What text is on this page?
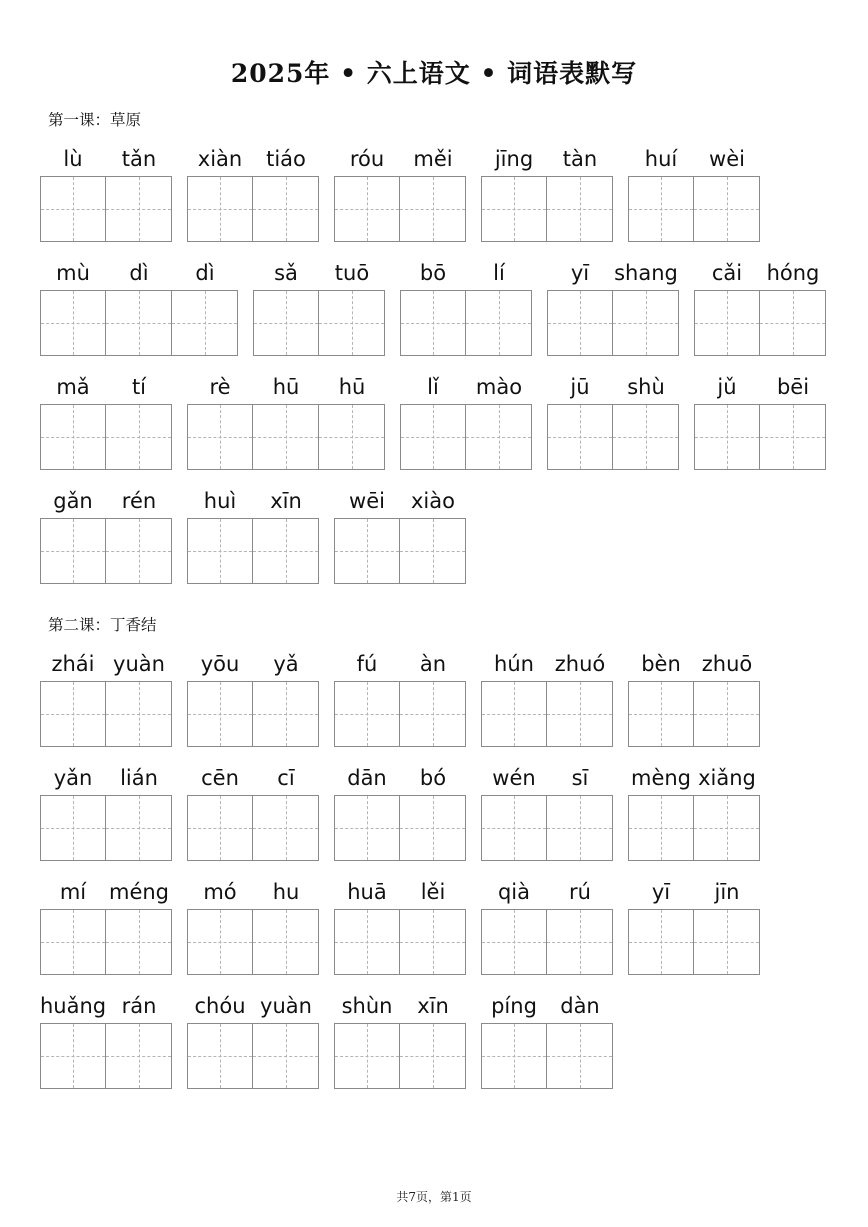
2025年 • 六上语文 • 词语表默写
第一课：草原
lù	tǎn	xiàn	tiáo	róu	měi	jīng	tàn	huí	wèi
mù	dì	dì	sǎ	tuō	bō	lí	yī	shang	cǎi	hóng
mǎ	tí	rè	hū	hū	lǐ	mào	jū	shù	jǔ	bēi
gǎn	rén	huì	xīn	wēi	xiào
第二课：丁香结
zhái yuàn	yōu	yǎ	fú	àn	hún zhuó	bèn zhuō
yǎn	lián	cēn	cī	dān	bó	wén	sī	mèng xiǎng
mí	méng	mó	hu	huā	lěi	qià	rú	yī	jīn
huǎng rán	chóu yuàn	shùn	xīn	píng	dàn
共7页，第1页
